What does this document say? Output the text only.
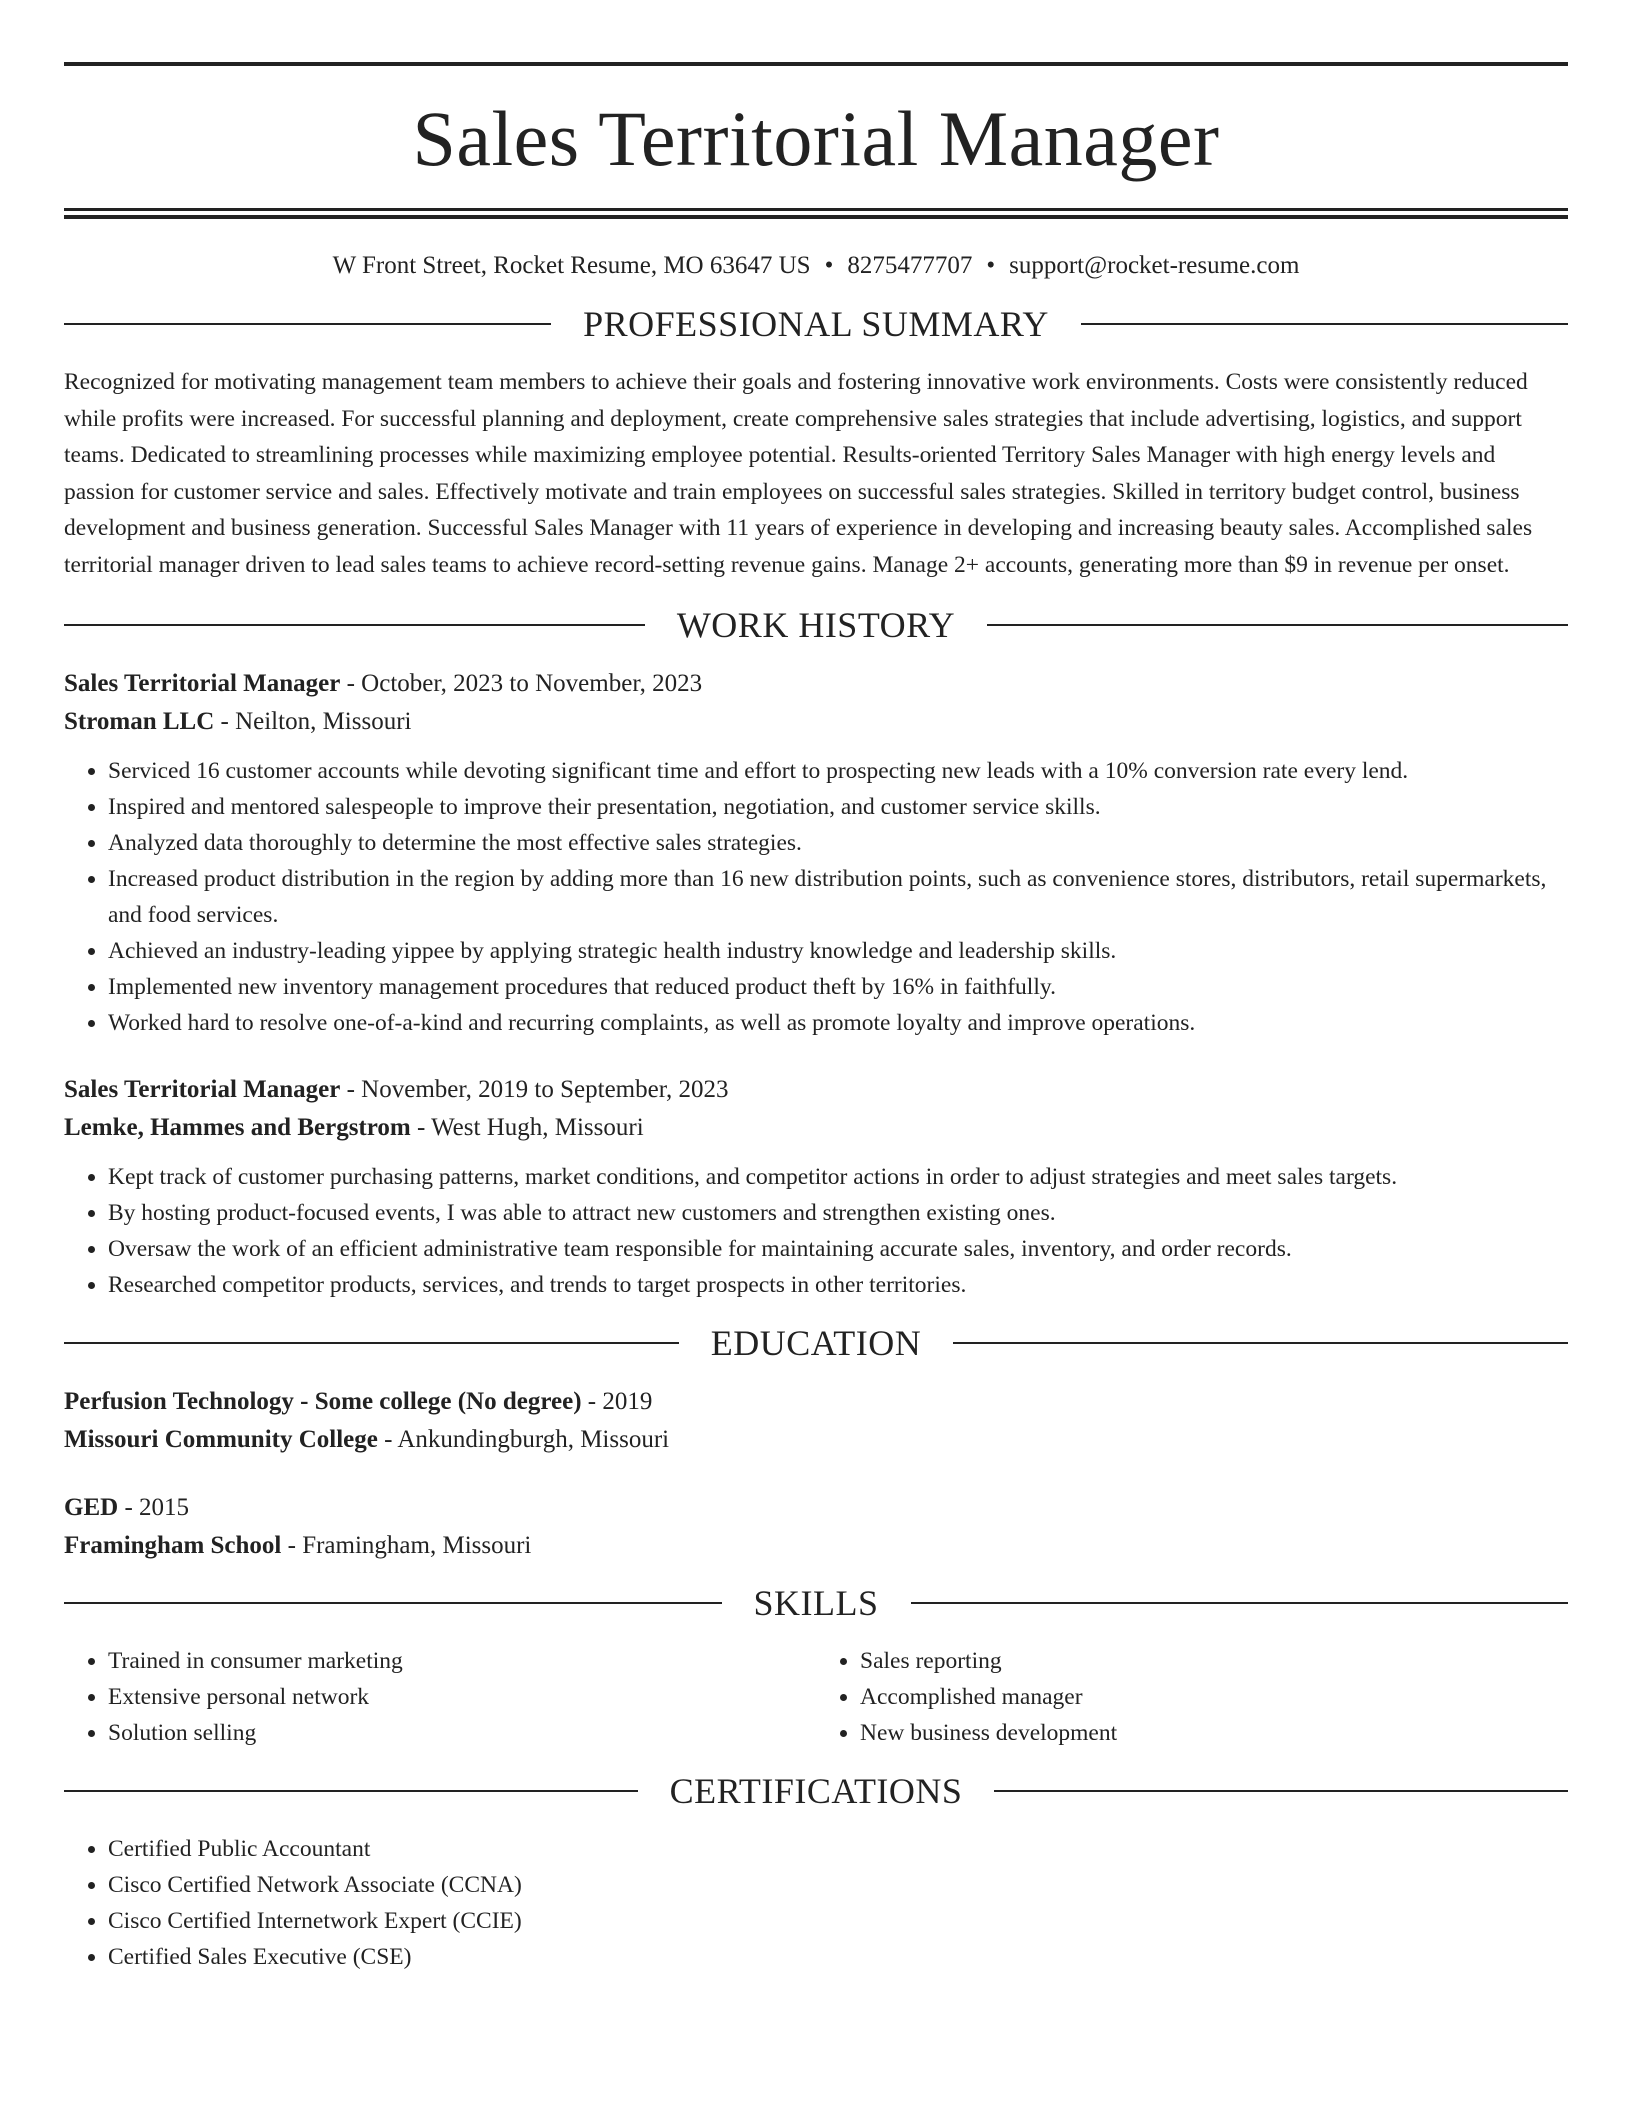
Sales Territorial Manager
W Front Street, Rocket Resume, MO 63647 US • 8275477707 • support@rocket-resume.com
PROFESSIONAL SUMMARY

Recognized for motivating management team members to achieve their goals and fostering innovative work environments. Costs were consistently reduced while profits were increased. For successful planning and deployment, create comprehensive sales strategies that include advertising, logistics, and support teams. Dedicated to streamlining processes while maximizing employee potential. Results-oriented Territory Sales Manager with high energy levels and passion for customer service and sales. Effectively motivate and train employees on successful sales strategies. Skilled in territory budget control, business development and business generation. Successful Sales Manager with 11 years of experience in developing and increasing beauty sales. Accomplished sales territorial manager driven to lead sales teams to achieve record-setting revenue gains. Manage 2+ accounts, generating more than $9 in revenue per onset.

WORK HISTORY

Sales Territorial Manager - October, 2023 to November, 2023

Stroman LLC - Neilton, Missouri

• Serviced 16 customer accounts while devoting significant time and effort to prospecting new leads with a 10% conversion rate every lend.
• Inspired and mentored salespeople to improve their presentation, negotiation, and customer service skills.
• Analyzed data thoroughly to determine the most effective sales strategies.
• Increased product distribution in the region by adding more than 16 new distribution points, such as convenience stores, distributors, retail supermarkets, and food services.
• Achieved an industry-leading yippee by applying strategic health industry knowledge and leadership skills.
• Implemented new inventory management procedures that reduced product theft by 16% in faithfully.
• Worked hard to resolve one-of-a-kind and recurring complaints, as well as promote loyalty and improve operations.

Sales Territorial Manager - November, 2019 to September, 2023

Lemke, Hammes and Bergstrom - West Hugh, Missouri

• Kept track of customer purchasing patterns, market conditions, and competitor actions in order to adjust strategies and meet sales targets.
• By hosting product-focused events, I was able to attract new customers and strengthen existing ones.
• Oversaw the work of an efficient administrative team responsible for maintaining accurate sales, inventory, and order records.
• Researched competitor products, services, and trends to target prospects in other territories.
EDUCATION

Perfusion Technology - Some college (No degree) - 2019

Missouri Community College - Ankundingburgh, Missouri

GED - 2015

Framingham School - Framingham, Missouri

SKILLS
• Trained in consumer marketing
• Extensive personal network
• Solution selling
• Sales reporting
• Accomplished manager
• New business development
CERTIFICATIONS
• Certified Public Accountant
• Cisco Certified Network Associate (CCNA)
• Cisco Certified Internetwork Expert (CCIE)
• Certified Sales Executive (CSE)
